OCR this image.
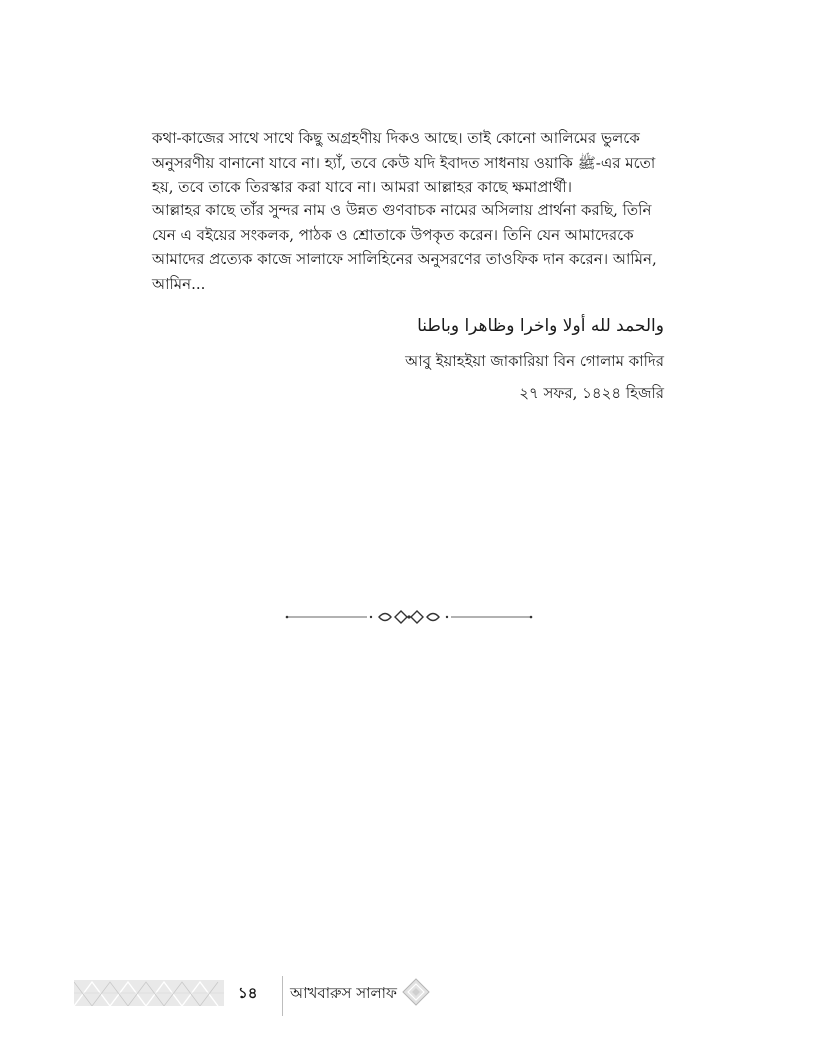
কথা-কাজের সাথে সাথে কিছু অগ্রহণীয় দিকও আছে। তাই কোনো আলিমের ভুলকে
অনুসরণীয় বানানো যাবে না। হ্যাঁ, তবে কেউ যদি ইবাদত সাধনায় ওয়াকি ﷺ-এর মতো
হয়, তবে তাকে তিরস্কার করা যাবে না। আমরা আল্লাহর কাছে ক্ষমাপ্রার্থী।
আল্লাহর কাছে তাঁর সুন্দর নাম ও উন্নত গুণবাচক নামের অসিলায় প্রার্থনা করছি, তিনি
যেন এ বইয়ের সংকলক, পাঠক ও শ্রোতাকে উপকৃত করেন। তিনি যেন আমাদেরকে
আমাদের প্রত্যেক কাজে সালাফে সালিহিনের অনুসরণের তাওফিক দান করেন। আমিন,
আমিন...
والحمد لله أولا واخرا وظاهرا وباطنا
আবু ইয়াহইয়া জাকারিয়া বিন গোলাম কাদির
২৭ সফর, ১৪২৪ হিজরি
১৪ আখবারুস সালাফ
